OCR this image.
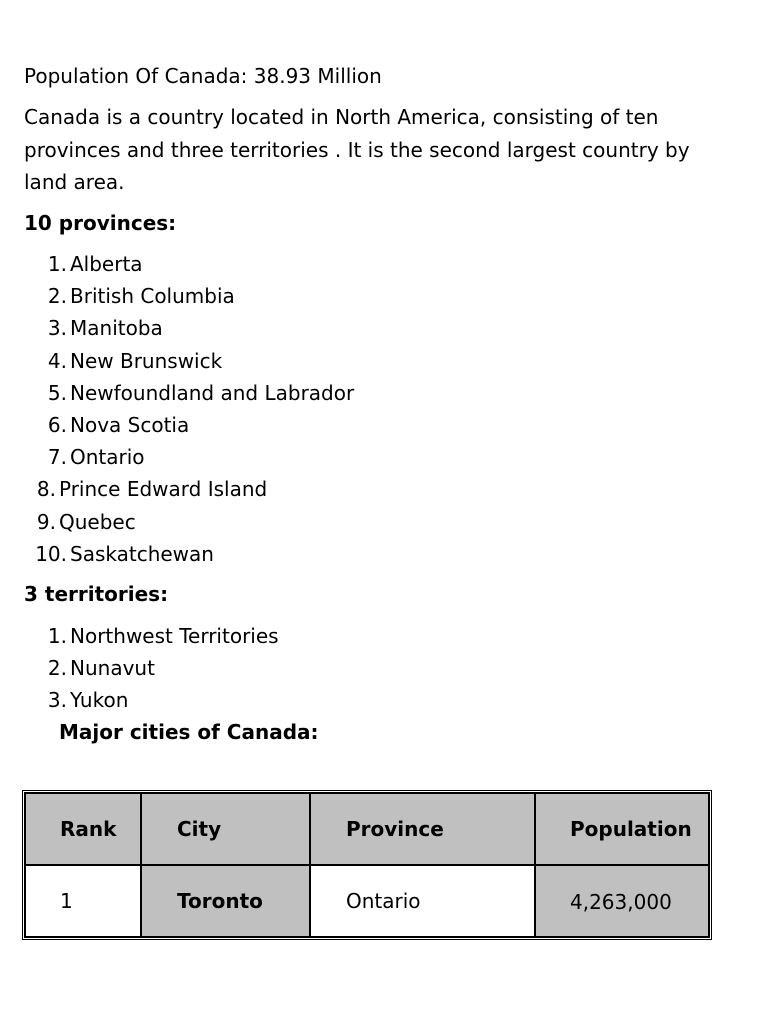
Population Of Canada: 38.93 Million
Canada is a country located in North America, consisting of ten provinces and three territories . It is the second largest country by land area.
10 provinces:
1. Alberta
2. British Columbia
3. Manitoba
4. New Brunswick
5. Newfoundland and Labrador
6. Nova Scotia
7. Ontario
8. Prince Edward Island
9. Quebec
10. Saskatchewan
3 territories:
1. Northwest Territories
2. Nunavut
3. Yukon
Major cities of Canada:
Rank	City	Province	Population

1	Toronto	Ontario	4,263,000
